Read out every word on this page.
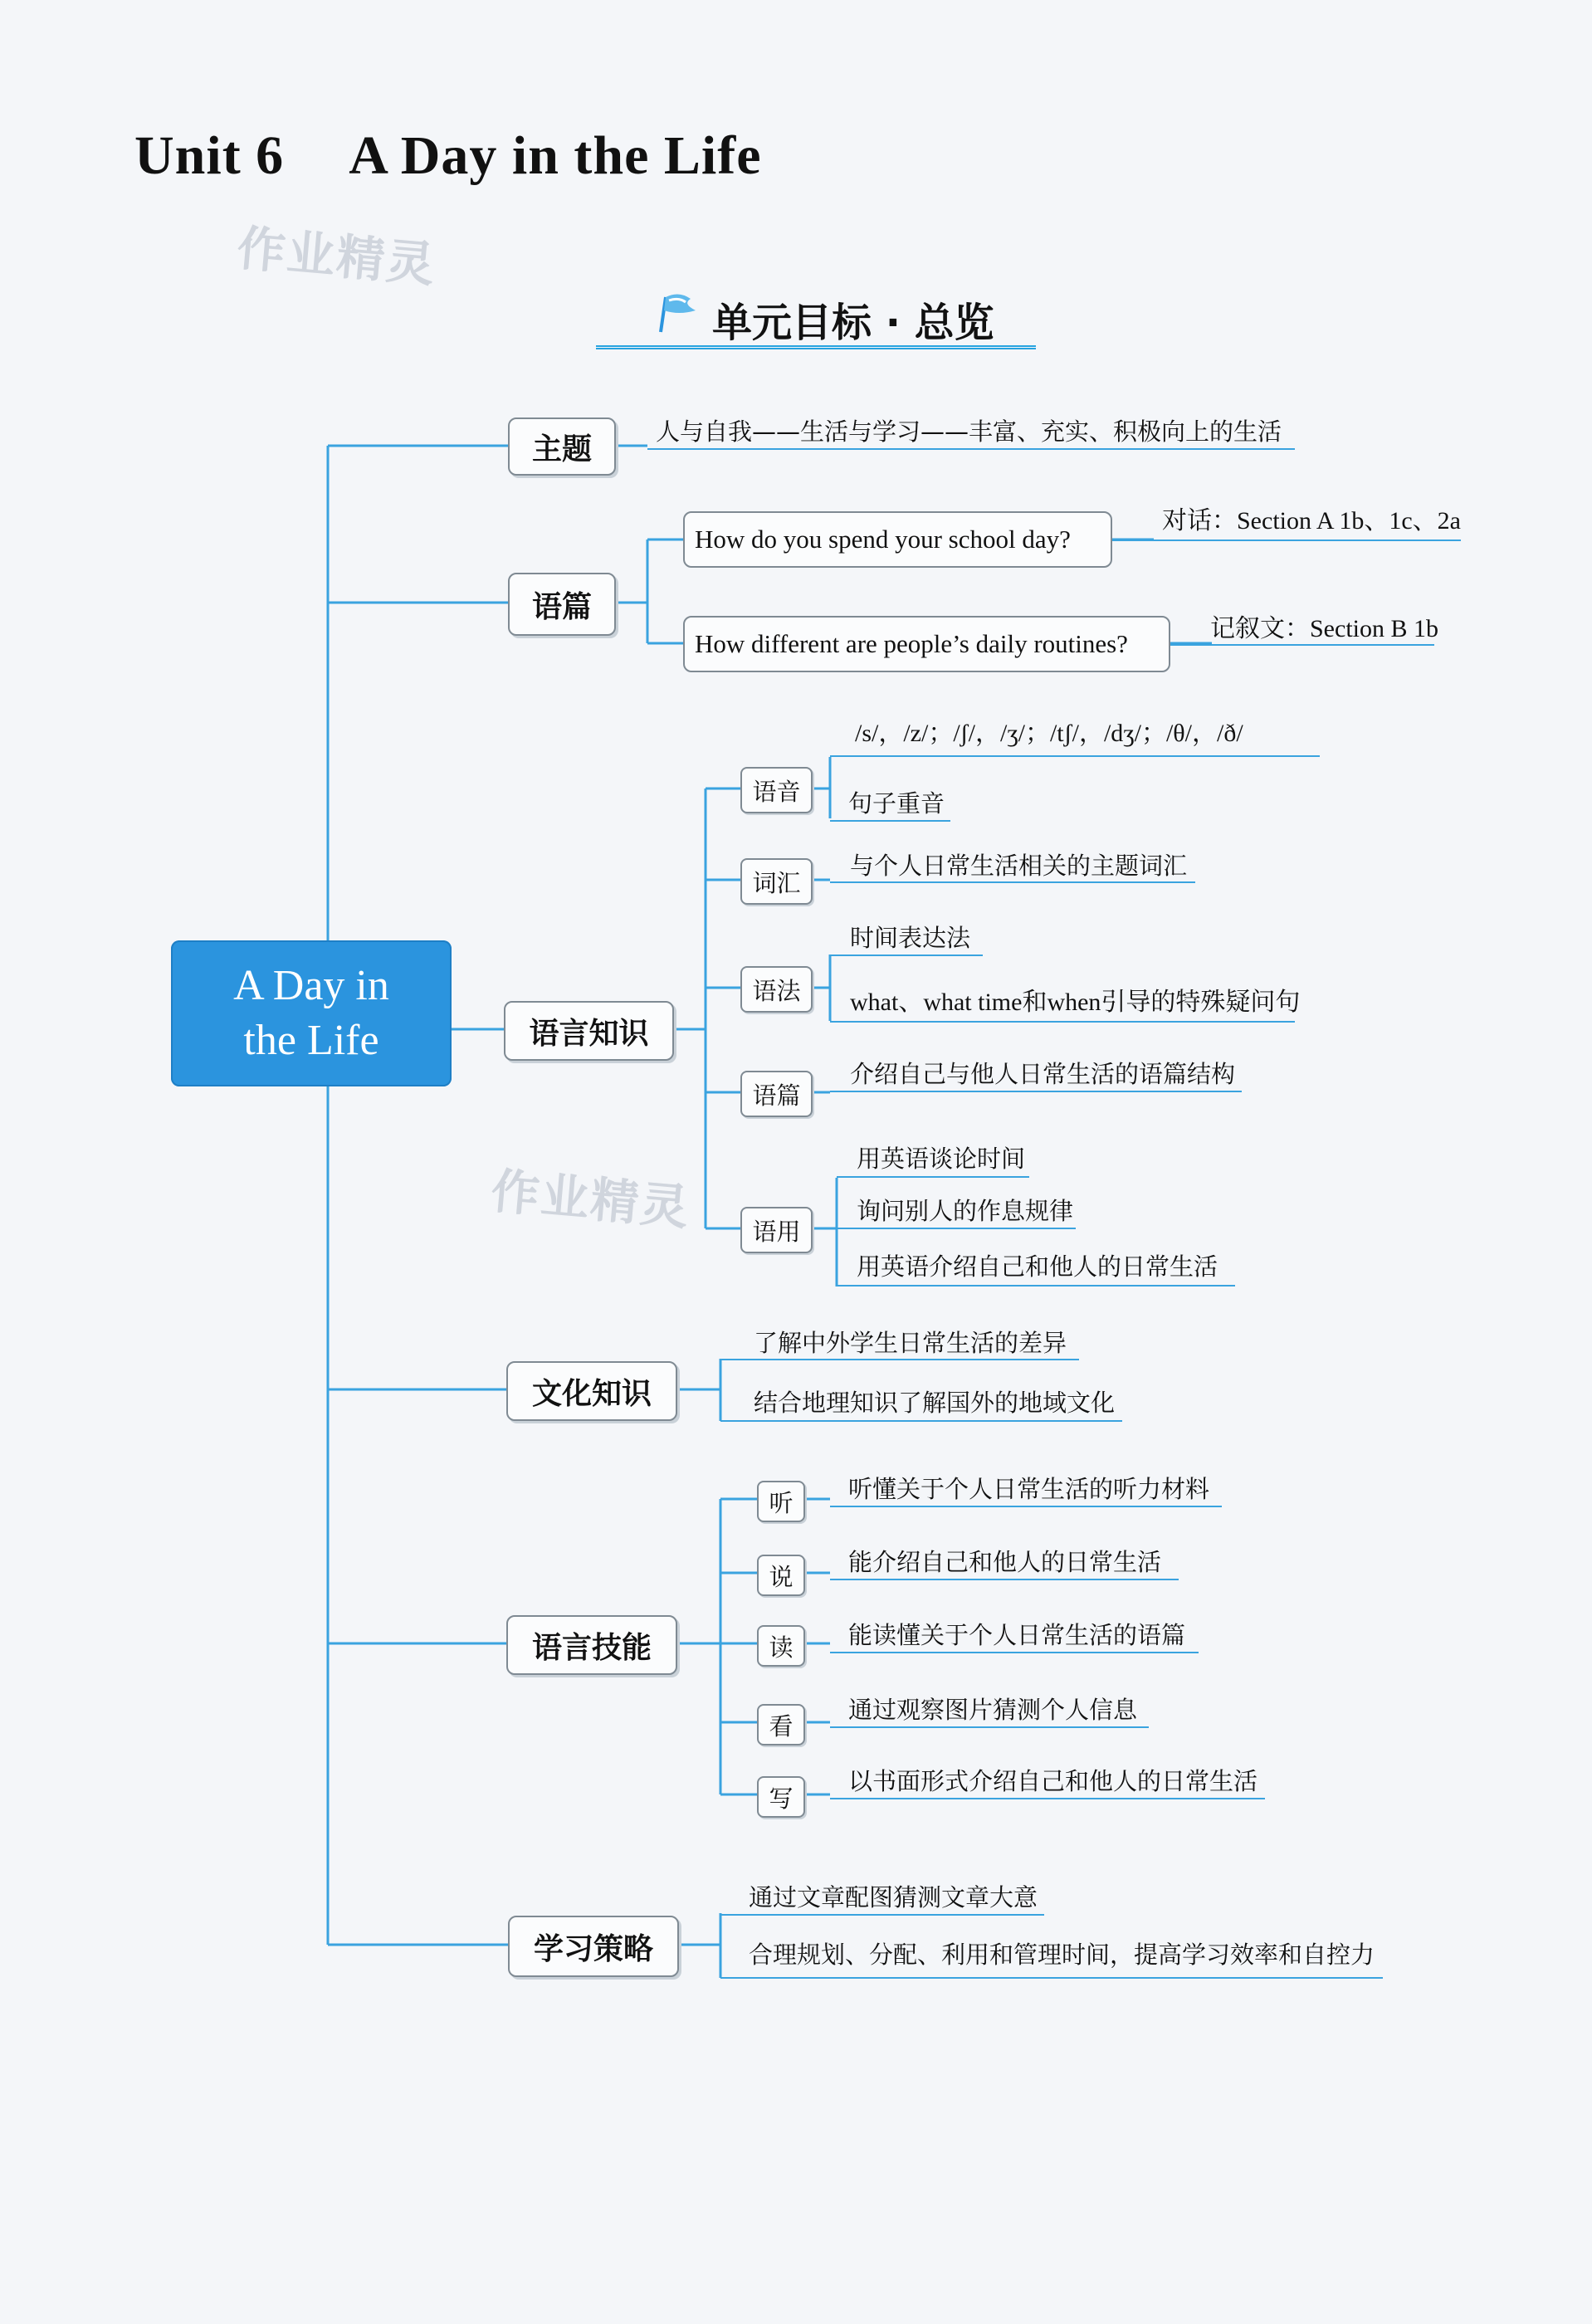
Unit 6 A Day in the Life
作业精灵
作业精灵
单元目标 · 总览
A Day in
the Life
主题
人与自我——生活与学习——丰富、充实、积极向上的生活
语篇
How do you spend your school day?
对话：Section A 1b、1c、2a
How different are people’s daily routines?
记叙文：Section B 1b
语言知识
语音
/s/，/z/；/ʃ/，/ʒ/；/tʃ/，/dʒ/；/θ/，/ð/
句子重音
词汇
与个人日常生活相关的主题词汇
语法
时间表达法
what、what time和when引导的特殊疑问句
语篇
介绍自己与他人日常生活的语篇结构
语用
用英语谈论时间
询问别人的作息规律
用英语介绍自己和他人的日常生活
文化知识
了解中外学生日常生活的差异
结合地理知识了解国外的地域文化
语言技能
听	听懂关于个人日常生活的听力材料
说
能介绍自己和他人的日常生活
读	能读懂关于个人日常生活的语篇
看
通过观察图片猜测个人信息
写
以书面形式介绍自己和他人的日常生活
学习策略
通过文章配图猜测文章大意
合理规划、分配、利用和管理时间，提高学习效率和自控力
